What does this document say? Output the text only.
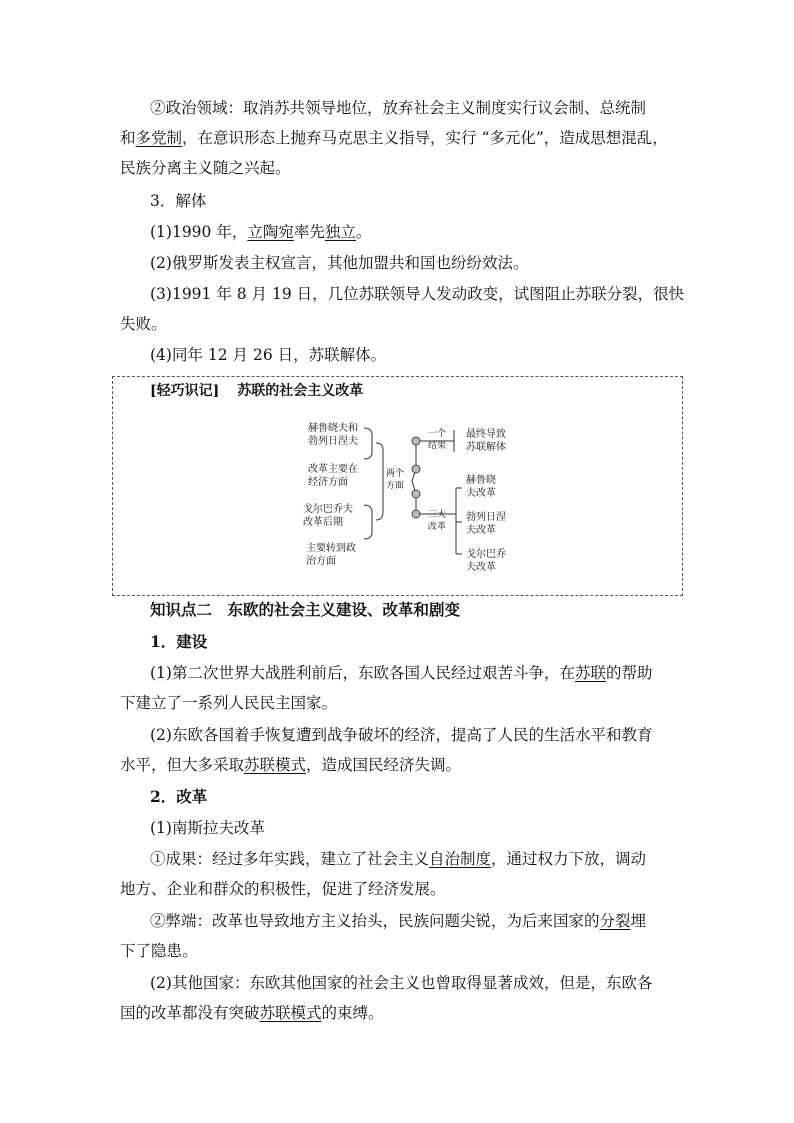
②政治领域：取消苏共领导地位，放弃社会主义制度实行议会制、总统制
和多党制，在意识形态上抛弃马克思主义指导，实行 “多元化”，造成思想混乱，
民族分离主义随之兴起。
3．解体
(1)1990 年，立陶宛率先独立。
(2)俄罗斯发表主权宣言，其他加盟共和国也纷纷效法。
(3)1991 年 8 月 19 日，几位苏联领导人发动政变，试图阻止苏联分裂，很快
失败。
(4)同年 12 月 26 日，苏联解体。
[轻巧识记] 苏联的社会主义改革
赫鲁晓夫和
勃列日涅夫
改革主要在
经济方面
戈尔巴乔夫
改革后期
主要转到政
治方面
两个
方面
一个
结果
三大
改革
最终导致
苏联解体
赫鲁晓
夫改革
勃列日涅
夫改革
戈尔巴乔
夫改革
知识点二　东欧的社会主义建设、改革和剧变
1．建设
(1)第二次世界大战胜利前后，东欧各国人民经过艰苦斗争，在苏联的帮助
下建立了一系列人民民主国家。
(2)东欧各国着手恢复遭到战争破坏的经济，提高了人民的生活水平和教育
水平，但大多采取苏联模式，造成国民经济失调。
2．改革
(1)南斯拉夫改革
①成果：经过多年实践，建立了社会主义自治制度，通过权力下放，调动
地方、企业和群众的积极性，促进了经济发展。
②弊端：改革也导致地方主义抬头，民族问题尖锐，为后来国家的分裂埋
下了隐患。
(2)其他国家：东欧其他国家的社会主义也曾取得显著成效，但是，东欧各
国的改革都没有突破苏联模式的束缚。
